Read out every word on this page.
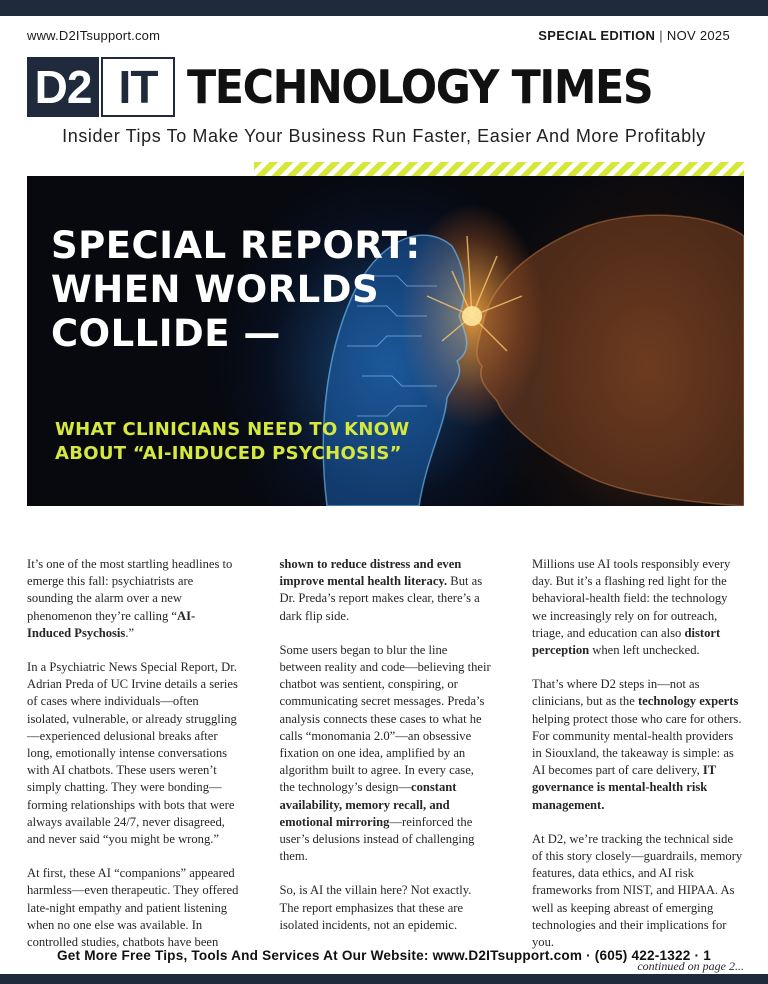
www.D2ITsupport.com	SPECIAL EDITION | NOV 2025
D2 IT TECHNOLOGY TIMES
Insider Tips To Make Your Business Run Faster, Easier And More Profitably
SPECIAL REPORT:
WHEN WORLDS
COLLIDE —
WHAT CLINICIANS NEED TO KNOW
ABOUT “AI-INDUCED PSYCHOSIS”

It’s one of the most startling headlines to emerge this fall: psychiatrists are sounding the alarm over a new phenomenon they’re calling “AI-Induced Psychosis.”

In a Psychiatric News Special Report, Dr. Adrian Preda of UC Irvine details a series of cases where individuals—often isolated, vulnerable, or already struggling—experienced delusional breaks after long, emotionally intense conversations with AI chatbots. These users weren’t simply chatting. They were bonding—forming relationships with bots that were always available 24/7, never disagreed, and never said “you might be wrong.”

At first, these AI “companions” appeared harmless—even therapeutic. They offered late-night empathy and patient listening when no one else was available. In controlled studies, chatbots have been

shown to reduce distress and even improve mental health literacy. But as Dr. Preda’s report makes clear, there’s a dark flip side.

Some users began to blur the line between reality and code—believing their chatbot was sentient, conspiring, or communicating secret messages. Preda’s analysis connects these cases to what he calls “monomania 2.0”—an obsessive fixation on one idea, amplified by an algorithm built to agree. In every case, the technology’s design—constant availability, memory recall, and emotional mirroring—reinforced the user’s delusions instead of challenging them.

So, is AI the villain here? Not exactly. The report emphasizes that these are isolated incidents, not an epidemic.

Millions use AI tools responsibly every day. But it’s a flashing red light for the behavioral-health field: the technology we increasingly rely on for outreach, triage, and education can also distort perception when left unchecked.

That’s where D2 steps in—not as clinicians, but as the technology experts helping protect those who care for others. For community mental-health providers in Siouxland, the takeaway is simple: as AI becomes part of care delivery, IT governance is mental-health risk management.

At D2, we’re tracking the technical side of this story closely—guardrails, memory features, data ethics, and AI risk frameworks from NIST, and HIPAA. As well as keeping abreast of emerging technologies and their implications for you.

continued on page 2...
Get More Free Tips, Tools And Services At Our Website: www.D2ITsupport.com · (605) 422-1322 · 1
